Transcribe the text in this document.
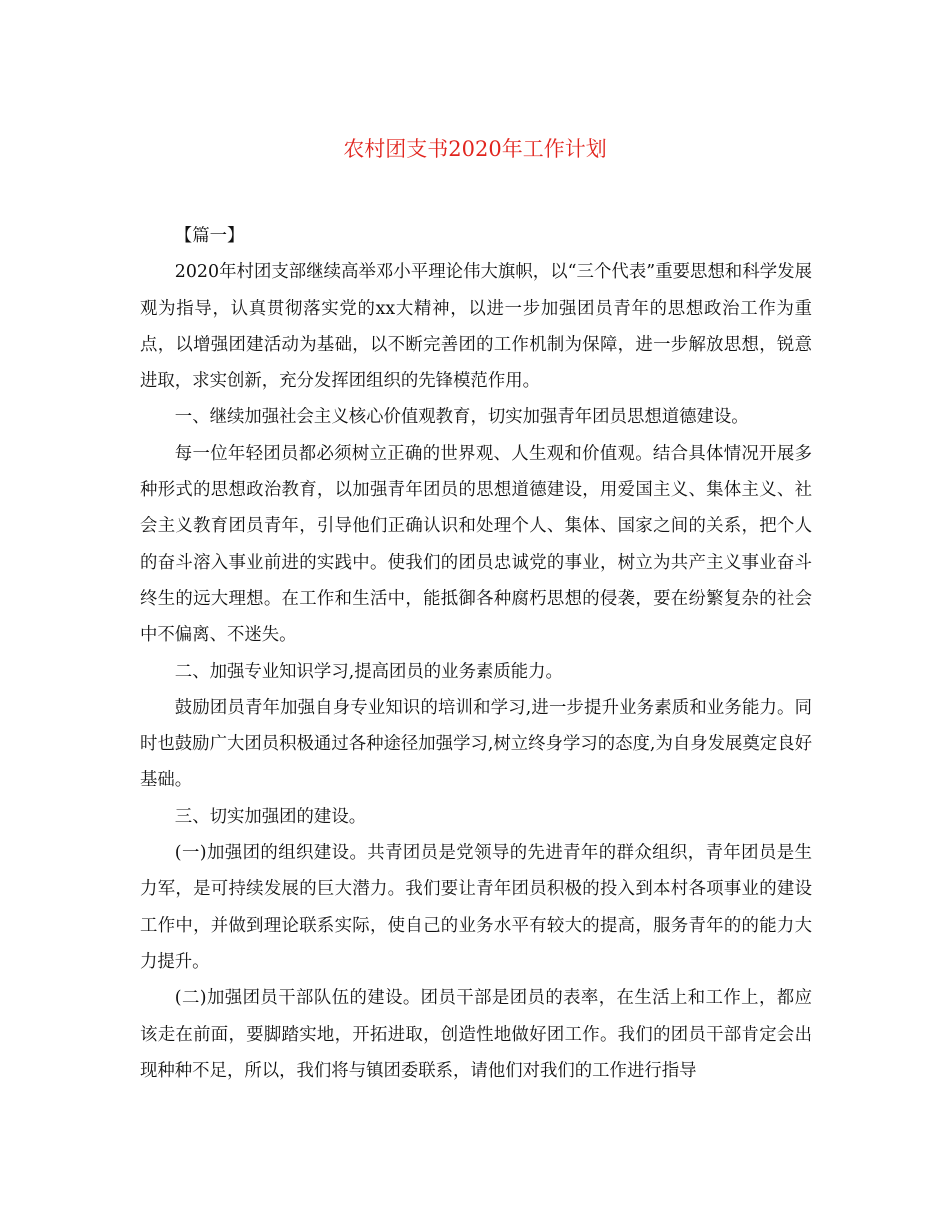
农村团支书2020年工作计划

【篇一】

2020年村团支部继续高举邓小平理论伟大旗帜，以“三个代表”重要思想和科学发展观为指导，认真贯彻落实党的xx大精神，以进一步加强团员青年的思想政治工作为重点，以增强团建活动为基础，以不断完善团的工作机制为保障，进一步解放思想，锐意进取，求实创新，充分发挥团组织的先锋模范作用。

一、继续加强社会主义核心价值观教育，切实加强青年团员思想道德建设。

每一位年轻团员都必须树立正确的世界观、人生观和价值观。结合具体情况开展多种形式的思想政治教育，以加强青年团员的思想道德建设，用爱国主义、集体主义、社会主义教育团员青年，引导他们正确认识和处理个人、集体、国家之间的关系，把个人的奋斗溶入事业前进的实践中。使我们的团员忠诚党的事业，树立为共产主义事业奋斗终生的远大理想。在工作和生活中，能抵御各种腐朽思想的侵袭，要在纷繁复杂的社会中不偏离、不迷失。

二、加强专业知识学习,提高团员的业务素质能力。

鼓励团员青年加强自身专业知识的培训和学习,进一步提升业务素质和业务能力。同时也鼓励广大团员积极通过各种途径加强学习,树立终身学习的态度,为自身发展奠定良好基础。

三、切实加强团的建设。

(一)加强团的组织建设。共青团员是党领导的先进青年的群众组织，青年团员是生力军，是可持续发展的巨大潜力。我们要让青年团员积极的投入到本村各项事业的建设工作中，并做到理论联系实际，使自己的业务水平有较大的提高，服务青年的的能力大力提升。

(二)加强团员干部队伍的建设。团员干部是团员的表率，在生活上和工作上，都应该走在前面，要脚踏实地，开拓进取，创造性地做好团工作。我们的团员干部肯定会出现种种不足，所以，我们将与镇团委联系，请他们对我们的工作进行指导
